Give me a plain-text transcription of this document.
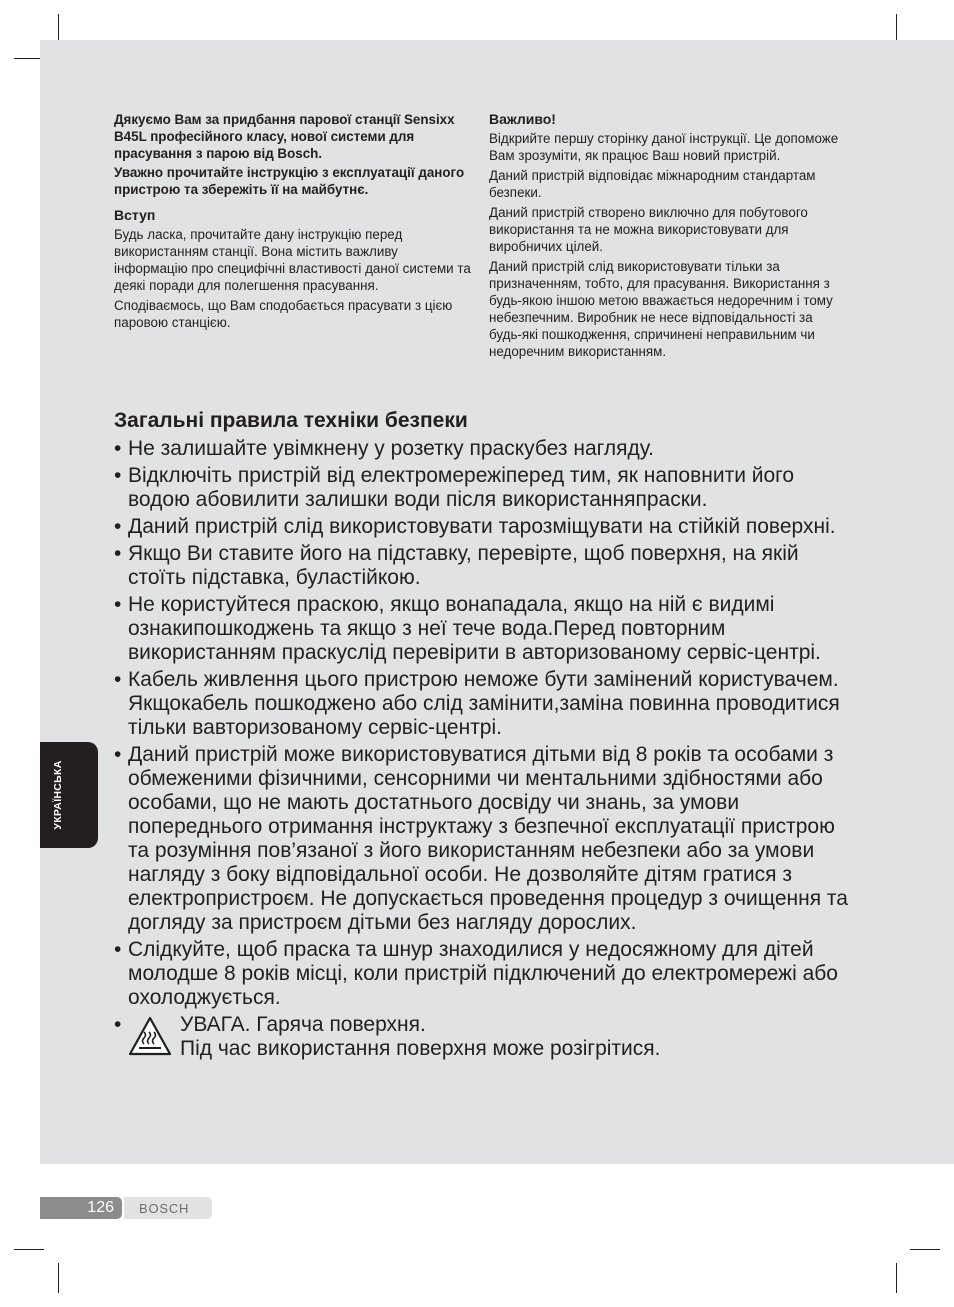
УКРАЇНСЬКА

Дякуємо Вам за придбання парової станції Sensixx B45L професійного класу, нової системи для прасування з парою від Bosch.

Уважно прочитайте інструкцію з експлуатації даного пристрою та збережіть її на майбутнє.

Вступ

Будь ласка, прочитайте дану інструкцію перед використанням станції. Вона містить важливу інформацію про специфічні властивості даної системи та деякі поради для полегшення прасування.

Сподіваємось, що Вам сподобається прасувати з цією паровою станцією.

Важливо!

Відкрийте першу сторінку даної інструкції. Це допоможе Вам зрозуміти, як працює Ваш новий пристрій.

Даний пристрій відповідає міжнародним стандартам безпеки.

Даний пристрій створено виключно для побутового використання та не можна використовувати для виробничих цілей.

Даний пристрій слід використовувати тільки за призначенням, тобто, для прасування. Використання з будь-якою іншою метою вважається недоречним і тому небезпечним. Виробник не несе відповідальності за будь-які пошкодження, спричинені неправильним чи недоречним використанням.

Загальні правила техніки безпеки
• Не залишайте увімкнену у розетку праскубез нагляду.
• Відключіть пристрій від електромережіперед тим, як наповнити його водою абовилити залишки води після використанняпраски.
• Даний пристрій слід використовувати тарозміщувати на стійкій поверхні.
• Якщо Ви ставите його на підставку, перевірте, щоб поверхня, на якій стоїть підставка, буластійкою.
• Не користуйтеся праскою, якщо вонападала, якщо на ній є видимі ознакипошкоджень та якщо з неї тече вода.Перед повторним використанням праскуслід перевірити в авторизованому сервіс-центрі.
• Кабель живлення цього пристрою неможе бути замінений користувачем. Якщокабель пошкоджено або слід замінити,заміна повинна проводитися тільки вавторизованому сервіс-центрі.
• Даний пристрій може використовуватися дітьми від 8 років та особами з обмеженими фізичними, сенсорними чи ментальними здібностями або особами, що не мають достатнього досвіду чи знань, за умови попереднього отримання інструктажу з безпечної експлуатації пристрою та розуміння пов’язаної з його використанням небезпеки або за умови нагляду з боку відповідальної особи. Не дозволяйте дітям гратися з електропристроєм. Не допускається проведення процедур з очищення та догляду за пристроєм дітьми без нагляду дорослих.
• Слідкуйте, щоб праска та шнур знаходилися у недосяжному для дітей молодше 8 років місці, коли пристрій підключений до електромережі або охолоджується.
• УВАГА. Гаряча поверхня.
Під час використання поверхня може розігрітися.
126 BOSCH
